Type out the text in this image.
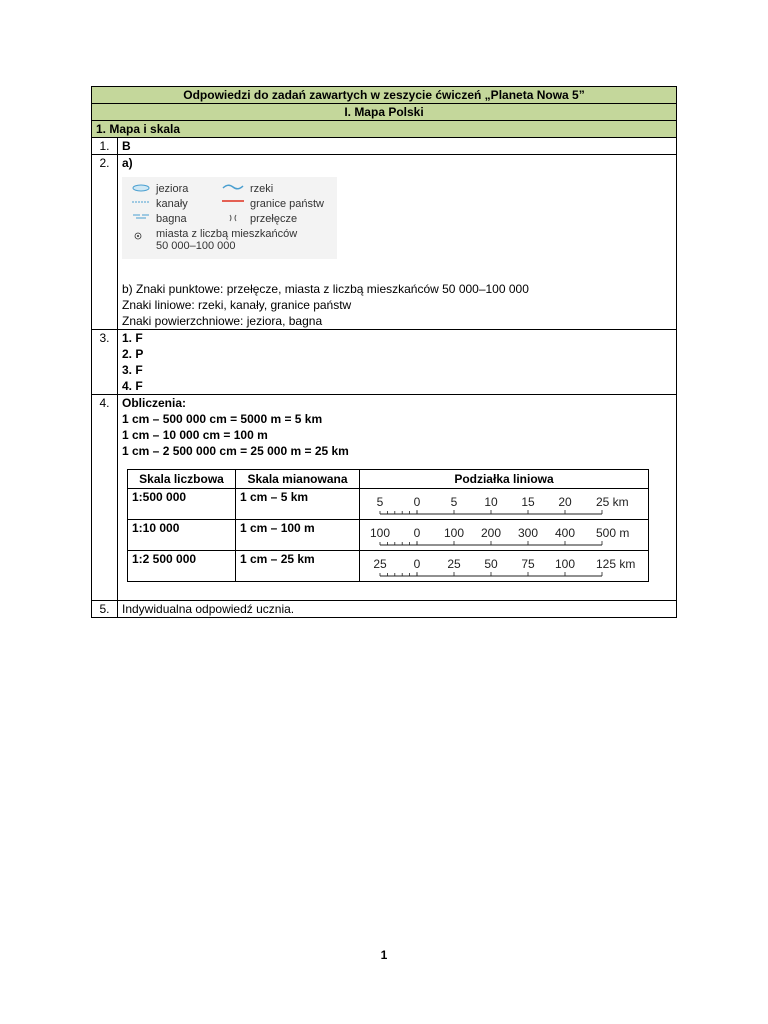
Odpowiedzi do zadań zawartych w zeszycie ćwiczeń „Planeta Nowa 5”
I. Mapa Polski
1. Mapa i skala
1.	B
2.	a)
jeziora	rzeki
kanały	granice państw
bagna	przełęcze
miasta z liczbą mieszkańców
50 000–100 000
b) Znaki punktowe: przełęcze, miasta z liczbą mieszkańców 50 000–100 000
Znaki liniowe: rzeki, kanały, granice państw
Znaki powierzchniowe: jeziora, bagna

3.	1. F
2. P
3. F
4. F

4.	Obliczenia:
1 cm – 500 000 cm = 5000 m = 5 km
1 cm – 10 000 cm = 100 m
1 cm – 2 500 000 cm = 25 000 m = 25 km
Skala liczbowa	Skala mianowana	Podziałka liniowa
1:500 000	1 cm – 5 km	5	0	5 10 15 20 25 km

1:10 000	1 cm – 100 m	100 0 100 200 300 400 500 m

1:2 500 000	1 cm – 25 km	25 0 25 50 75 100 125 km

5.	Indywidualna odpowiedź ucznia.
1
